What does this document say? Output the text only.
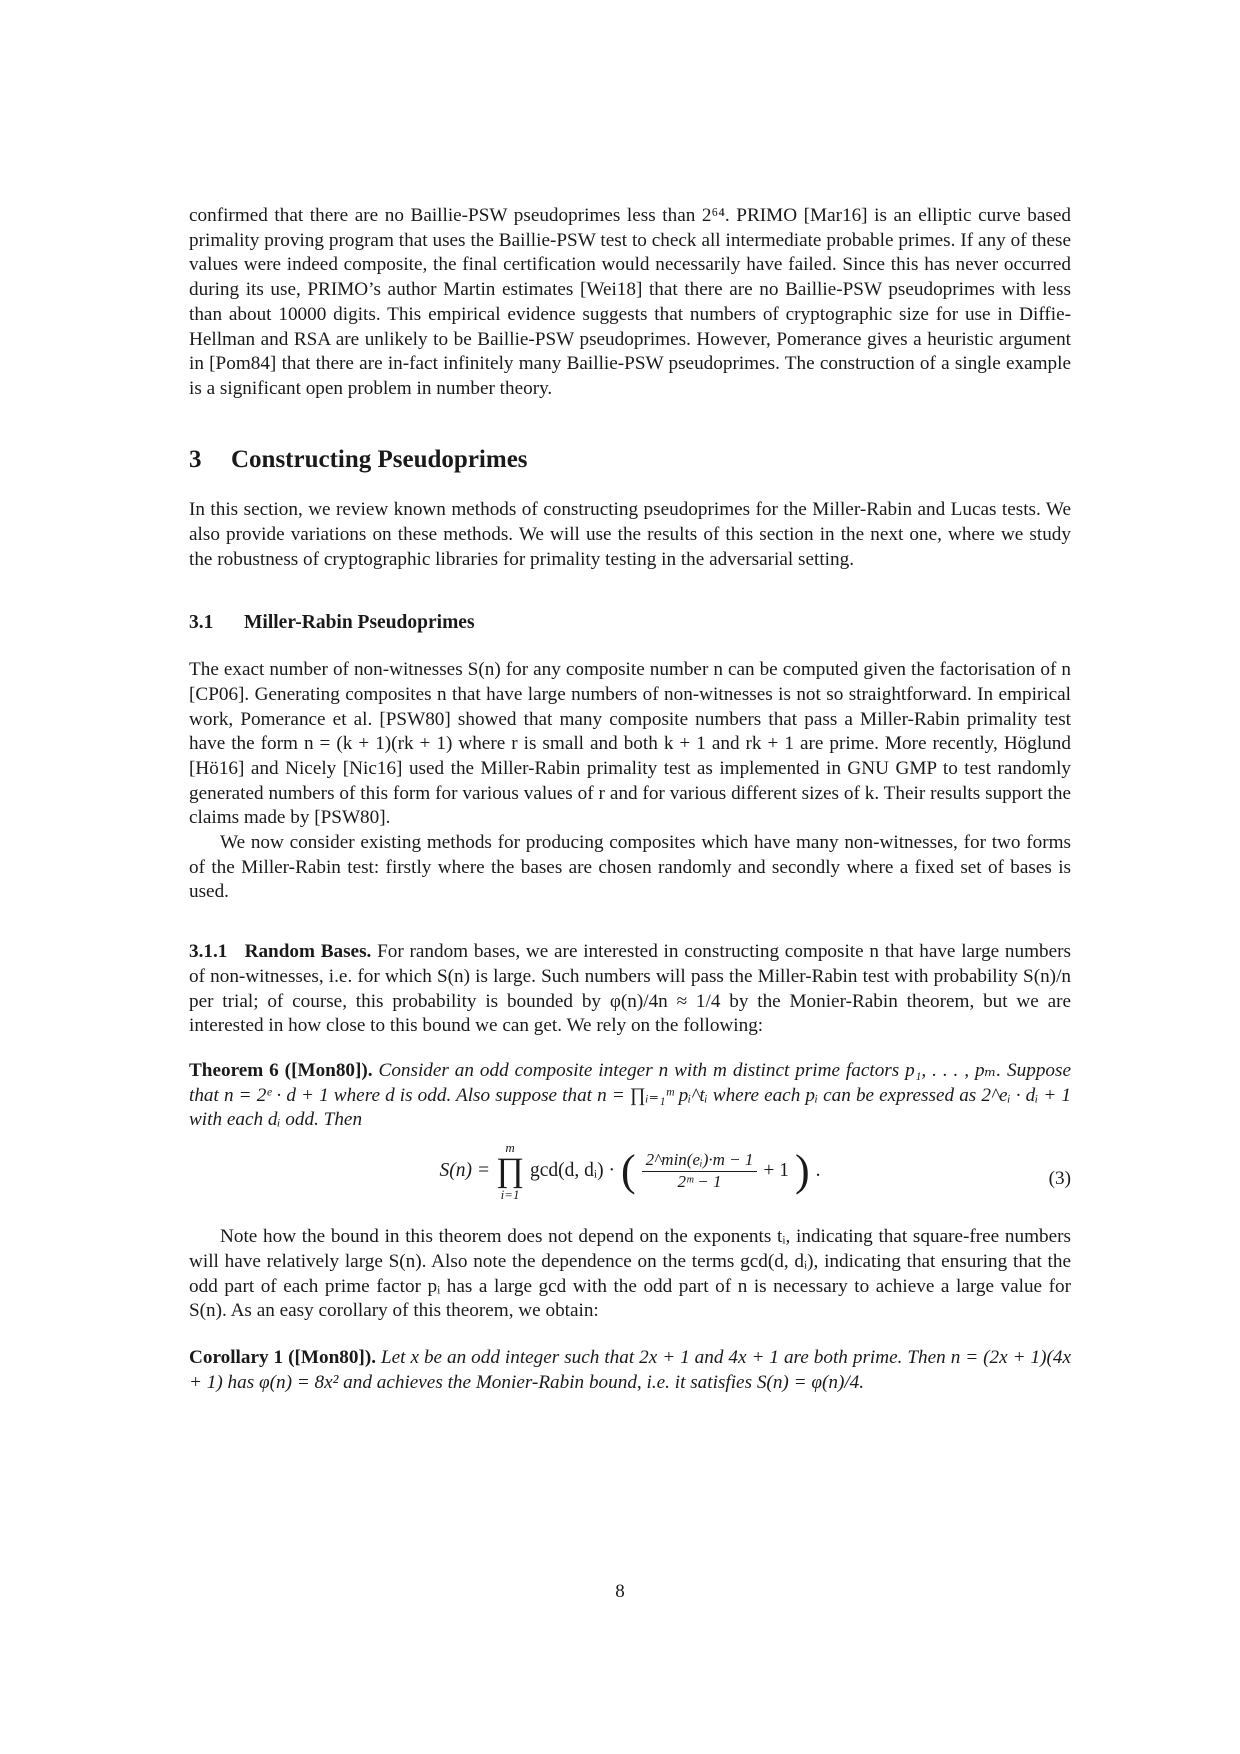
confirmed that there are no Baillie-PSW pseudoprimes less than 2⁶⁴. PRIMO [Mar16] is an elliptic curve based primality proving program that uses the Baillie-PSW test to check all intermediate probable primes. If any of these values were indeed composite, the final certification would necessarily have failed. Since this has never occurred during its use, PRIMO’s author Martin estimates [Wei18] that there are no Baillie-PSW pseudoprimes with less than about 10000 digits. This empirical evidence suggests that numbers of cryptographic size for use in Diffie-Hellman and RSA are unlikely to be Baillie-PSW pseudoprimes. However, Pomerance gives a heuristic argument in [Pom84] that there are in-fact infinitely many Baillie-PSW pseudoprimes. The construction of a single example is a significant open problem in number theory.

3 Constructing Pseudoprimes

In this section, we review known methods of constructing pseudoprimes for the Miller-Rabin and Lucas tests. We also provide variations on these methods. We will use the results of this section in the next one, where we study the robustness of cryptographic libraries for primality testing in the adversarial setting.

3.1 Miller-Rabin Pseudoprimes

The exact number of non-witnesses S(n) for any composite number n can be computed given the factorisation of n [CP06]. Generating composites n that have large numbers of non-witnesses is not so straightforward. In empirical work, Pomerance et al. [PSW80] showed that many composite numbers that pass a Miller-Rabin primality test have the form n = (k + 1)(rk + 1) where r is small and both k + 1 and rk + 1 are prime. More recently, Höglund [Hö16] and Nicely [Nic16] used the Miller-Rabin primality test as implemented in GNU GMP to test randomly generated numbers of this form for various values of r and for various different sizes of k. Their results support the claims made by [PSW80].

We now consider existing methods for producing composites which have many non-witnesses, for two forms of the Miller-Rabin test: firstly where the bases are chosen randomly and secondly where a fixed set of bases is used.

3.1.1 Random Bases. For random bases, we are interested in constructing composite n that have large numbers of non-witnesses, i.e. for which S(n) is large. Such numbers will pass the Miller-Rabin test with probability S(n)/n per trial; of course, this probability is bounded by φ(n)/4n ≈ 1/4 by the Monier-Rabin theorem, but we are interested in how close to this bound we can get. We rely on the following:

Theorem 6 ([Mon80]). Consider an odd composite integer n with m distinct prime factors p₁, . . . , pₘ. Suppose that n = 2ᵉ · d + 1 where d is odd. Also suppose that n = ∏ᵢ₌₁ᵐ pᵢ^tᵢ where each pᵢ can be expressed as 2^eᵢ · dᵢ + 1 with each dᵢ odd. Then

S(n) =
m
∏
i=1
gcd(d, dᵢ) · ( 2^min(eᵢ)·m − 1
2ᵐ − 1
+ 1 ) .	(3)

Note how the bound in this theorem does not depend on the exponents tᵢ, indicating that square-free numbers will have relatively large S(n). Also note the dependence on the terms gcd(d, dᵢ), indicating that ensuring that the odd part of each prime factor pᵢ has a large gcd with the odd part of n is necessary to achieve a large value for S(n). As an easy corollary of this theorem, we obtain:

Corollary 1 ([Mon80]). Let x be an odd integer such that 2x + 1 and 4x + 1 are both prime. Then n = (2x + 1)(4x + 1) has φ(n) = 8x² and achieves the Monier-Rabin bound, i.e. it satisfies S(n) = φ(n)/4.

8
